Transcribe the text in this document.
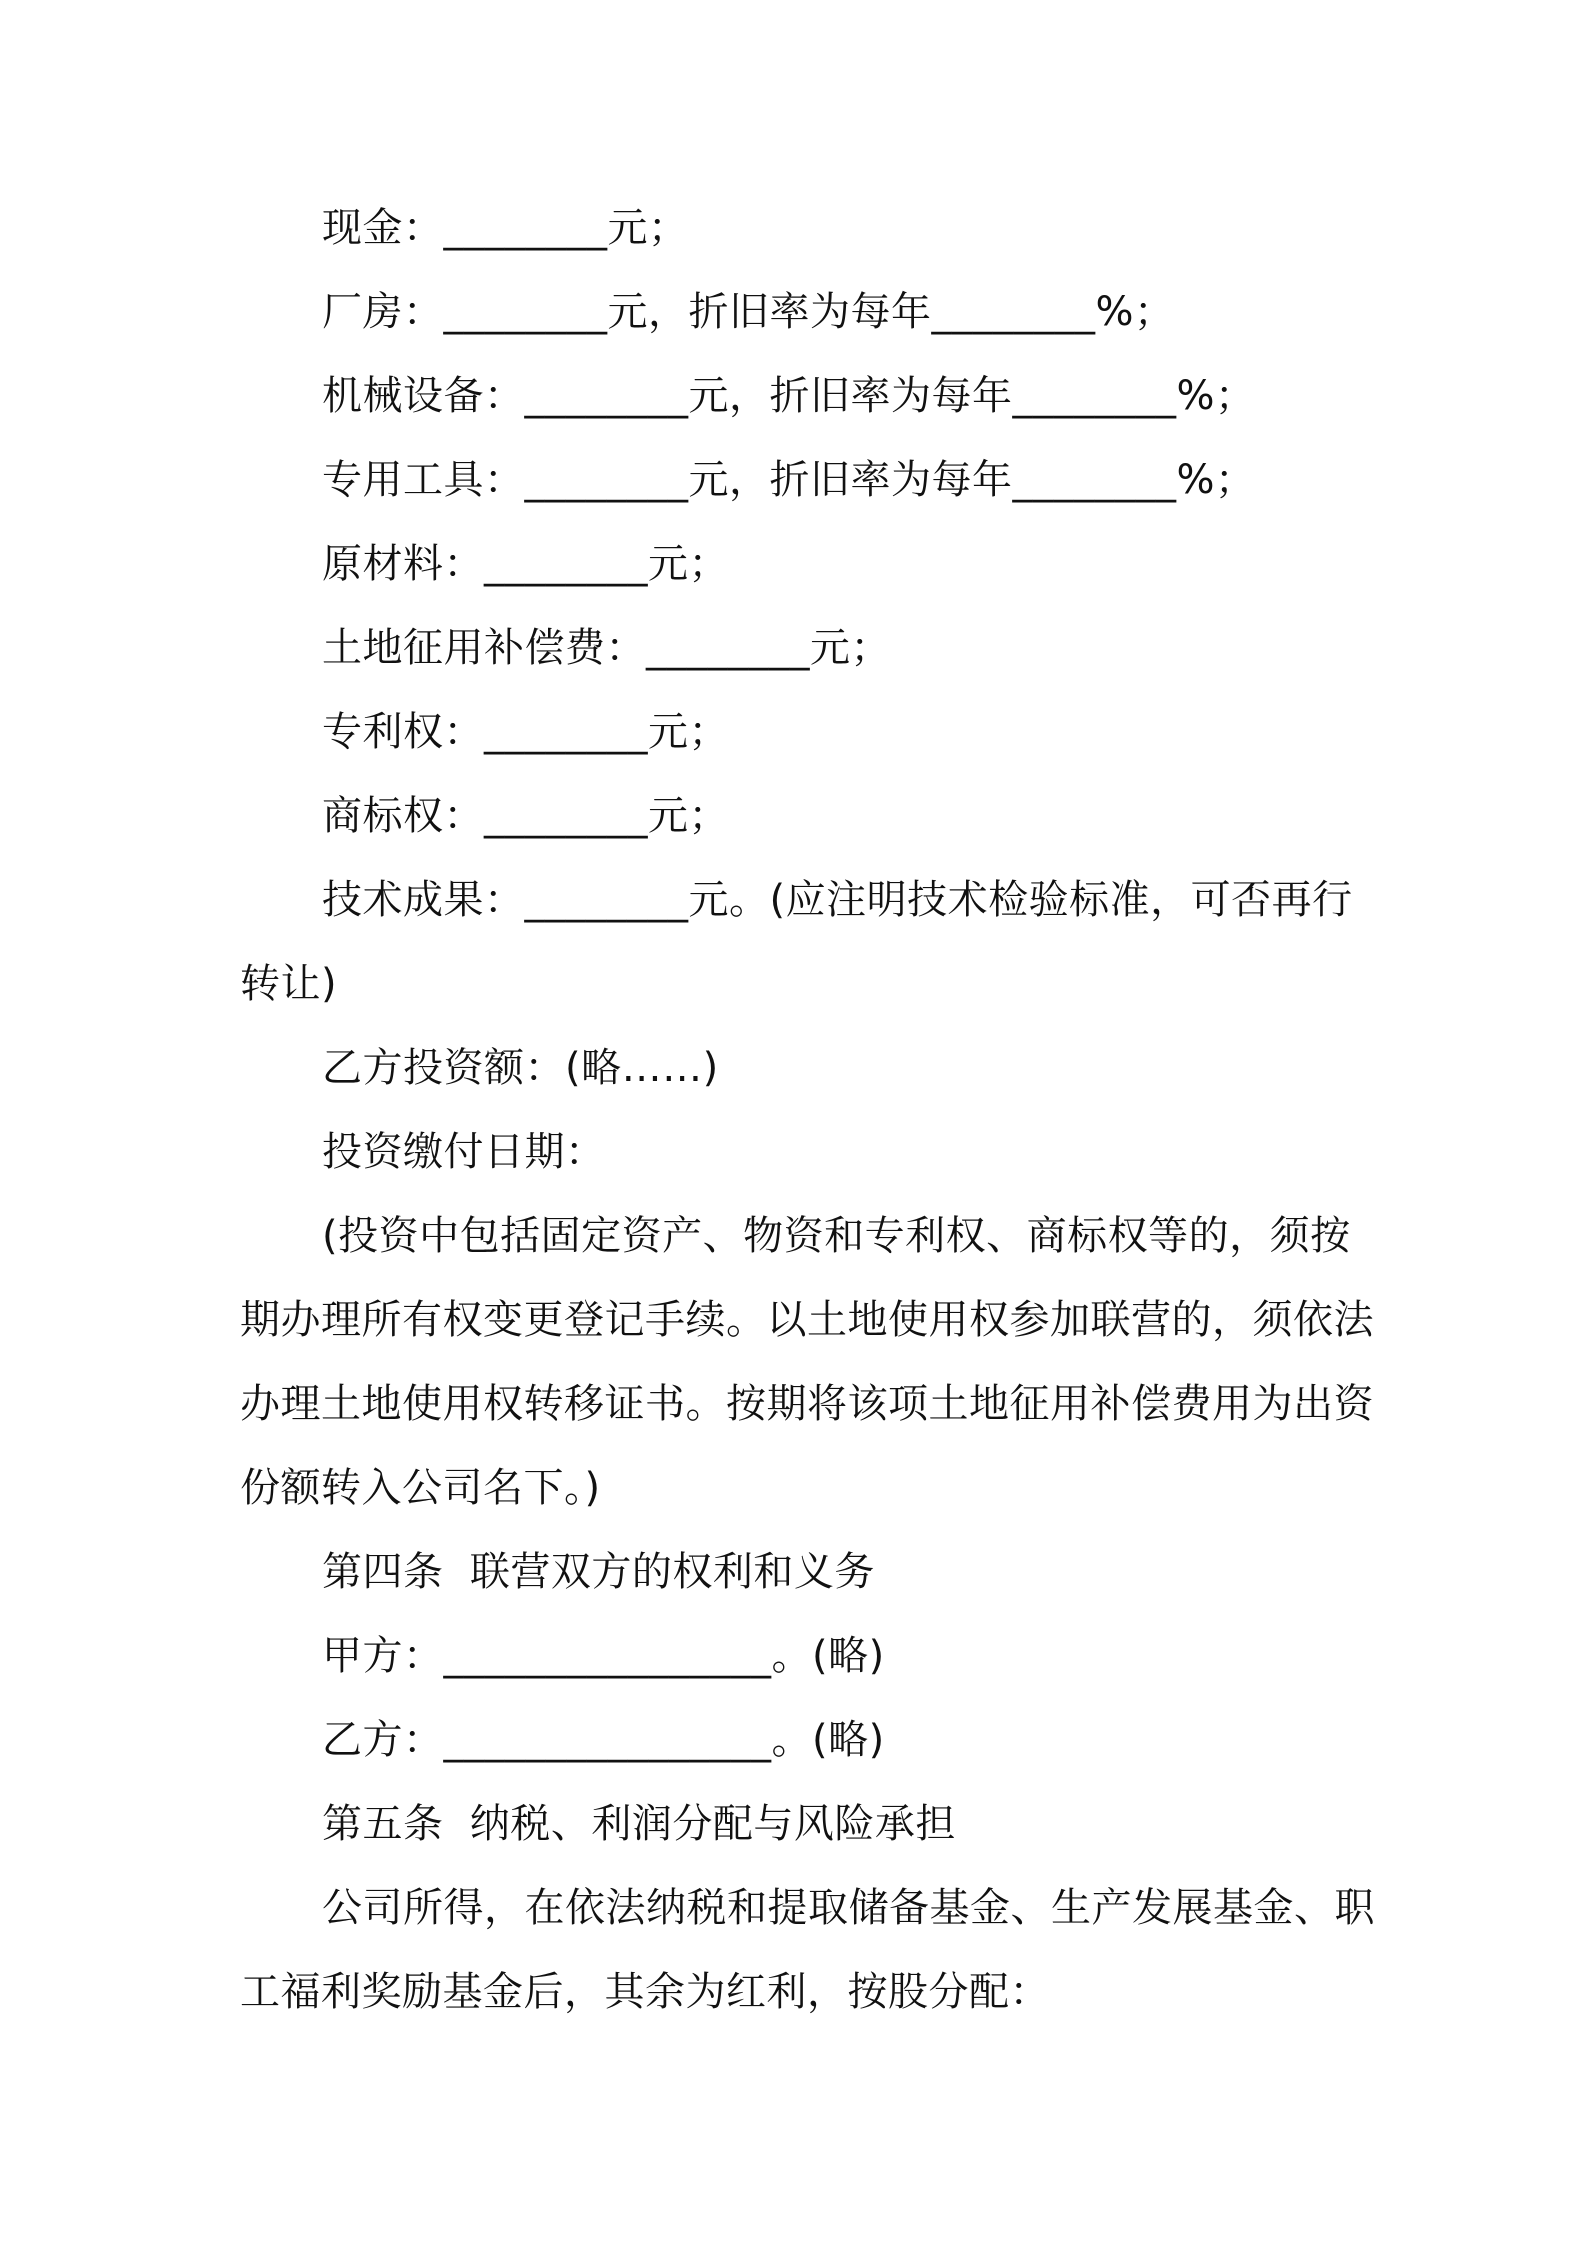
现金：________元；
厂房：________元，折旧率为每年________%；
机械设备：________元，折旧率为每年________%；
专用工具：________元，折旧率为每年________%；
原材料：________元；
土地征用补偿费：________元；
专利权：________元；
商标权：________元；
技术成果：________元。(应注明技术检验标准，可否再行
转让)
乙方投资额：(略……)
投资缴付日期：
(投资中包括固定资产、物资和专利权、商标权等的，须按
期办理所有权变更登记手续。以土地使用权参加联营的，须依法
办理土地使用权转移证书。按期将该项土地征用补偿费用为出资
份额转入公司名下。)
第四条  联营双方的权利和义务
甲方：________________。(略)
乙方：________________。(略)
第五条  纳税、利润分配与风险承担
公司所得，在依法纳税和提取储备基金、生产发展基金、职
工福利奖励基金后，其余为红利，按股分配：
